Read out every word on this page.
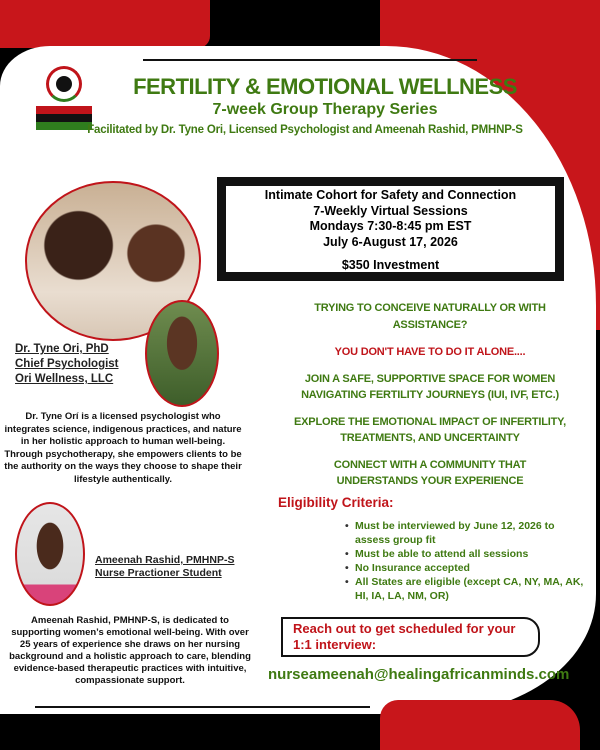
FERTILITY & EMOTIONAL WELLNESS
7-week Group Therapy Series
Facilitated by Dr. Tyne Ori, Licensed Psychologist and Ameenah Rashid, PMHNP-S
Intimate Cohort for Safety and Connection
7-Weekly Virtual Sessions
Mondays 7:30-8:45 pm EST
July 6-August 17, 2026
$350 Investment
Dr. Tyne Ori, PhD
Chief Psychologist
Ori Wellness, LLC
Dr. Tyne Orí is a licensed psychologist who integrates science, indigenous practices, and nature in her holistic approach to human well-being. Through psychotherapy, she empowers clients to be the authority on the ways they choose to shape their lifestyle authentically.
Ameenah Rashid, PMHNP-S
Nurse Practioner Student
Ameenah Rashid, PMHNP-S, is dedicated to supporting women’s emotional well-being. With over 25 years of experience she draws on her nursing background and a holistic approach to care, blending evidence-based therapeutic practices with intuitive, compassionate support.
TRYING TO CONCEIVE NATURALLY OR WITH ASSISTANCE?
YOU DON'T HAVE TO DO IT ALONE....
JOIN A SAFE, SUPPORTIVE SPACE FOR WOMEN NAVIGATING FERTILITY JOURNEYS (IUI, IVF, ETC.)
EXPLORE THE EMOTIONAL IMPACT OF INFERTILITY, TREATMENTS, AND UNCERTAINTY
CONNECT WITH A COMMUNITY THAT UNDERSTANDS YOUR EXPERIENCE
Eligibility Criteria:
• Must be interviewed by June 12, 2026 to assess group fit
• Must be able to attend all sessions
• No Insurance accepted
• All States are eligible (except CA, NY, MA, AK, HI, IA, LA, NM, OR)
Reach out to get scheduled for your 1:1 interview:
nurseameenah@healingafricanminds.com
